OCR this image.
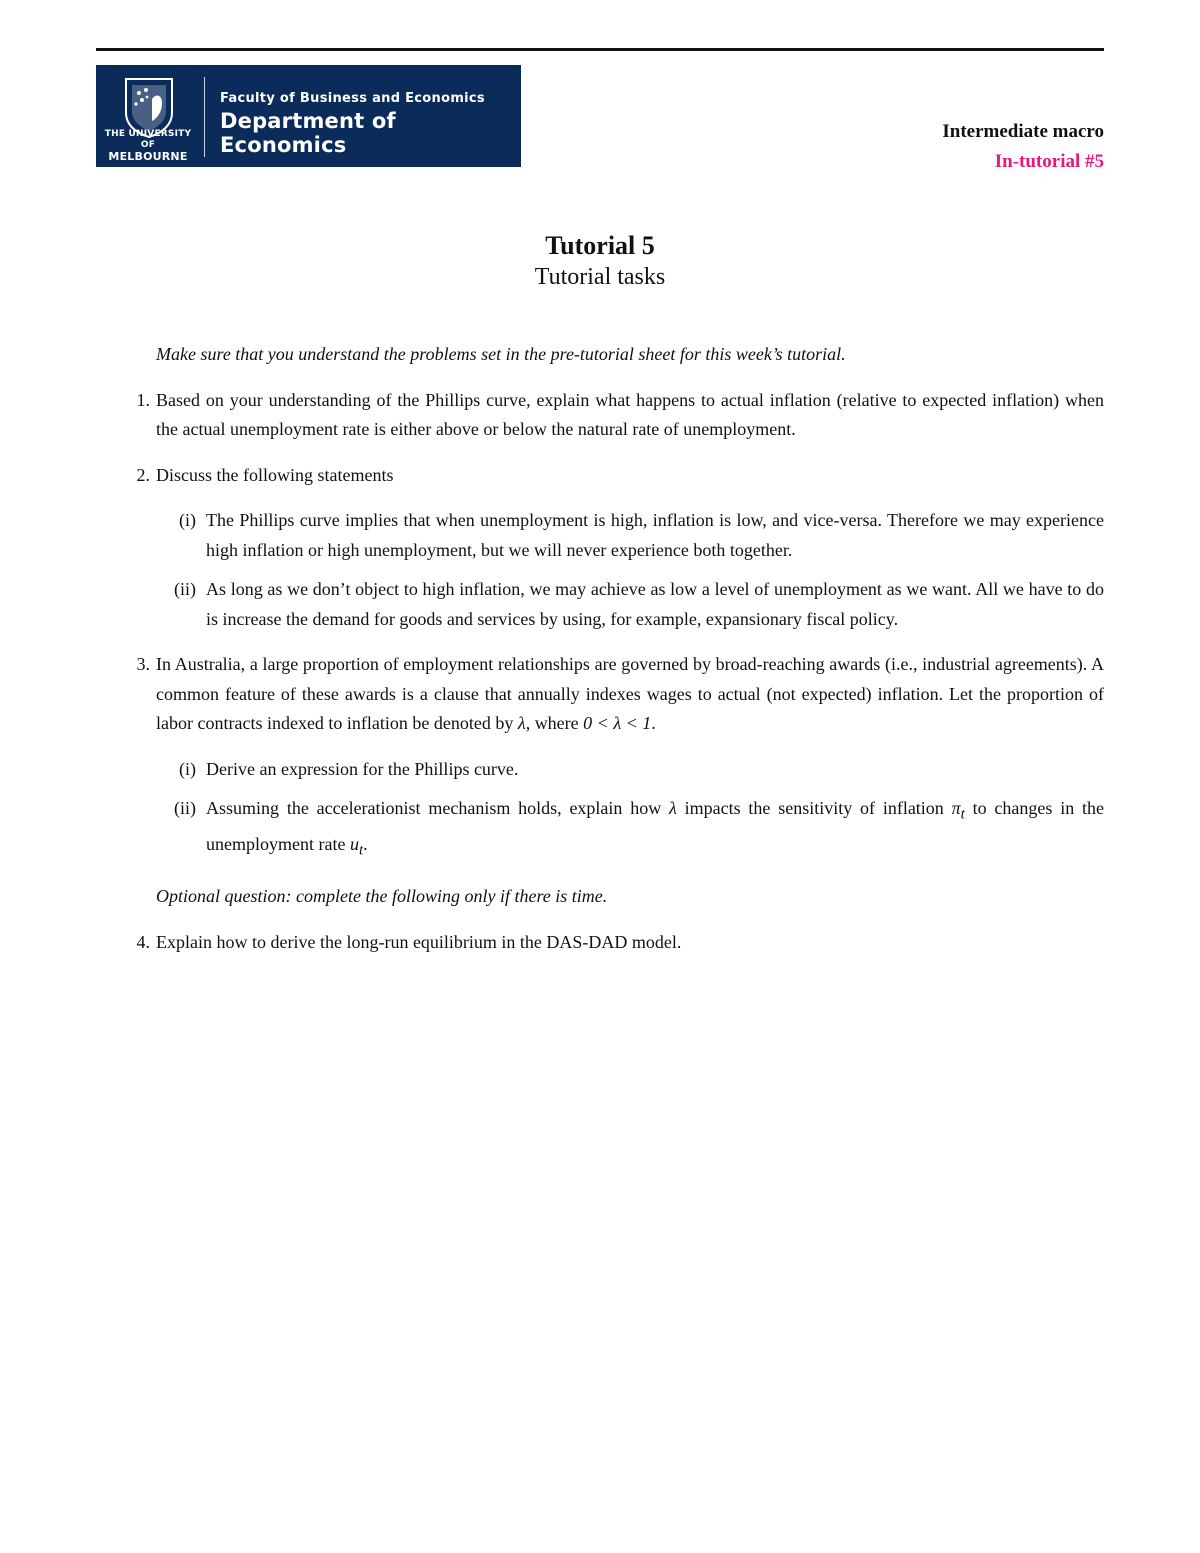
THE UNIVERSITY OF
MELBOURNE
Faculty of Business and Economics
Department of Economics
Intermediate macro
In-tutorial #5
Tutorial 5
Tutorial tasks

Make sure that you understand the problems set in the pre-tutorial sheet for this week’s tutorial.

1. Based on your understanding of the Phillips curve, explain what happens to actual inflation (relative to expected inflation) when the actual unemployment rate is either above or below the natural rate of unemployment.
2. Discuss the following statements
(i) The Phillips curve implies that when unemployment is high, inflation is low, and vice-versa. Therefore we may experience high inflation or high unemployment, but we will never experience both together.
(ii) As long as we don’t object to high inflation, we may achieve as low a level of unemployment as we want. All we have to do is increase the demand for goods and services by using, for example, expansionary fiscal policy.
3. In Australia, a large proportion of employment relationships are governed by broad-reaching awards (i.e., industrial agreements). A common feature of these awards is a clause that annually indexes wages to actual (not expected) inflation. Let the proportion of labor contracts indexed to inflation be denoted by λ, where 0 < λ < 1.
(i) Derive an expression for the Phillips curve.
(ii) Assuming the accelerationist mechanism holds, explain how λ impacts the sensitivity of inflation $\pi_t$ to changes in the unemployment rate $u_t$.

Optional question: complete the following only if there is time.

4. Explain how to derive the long-run equilibrium in the DAS-DAD model.
